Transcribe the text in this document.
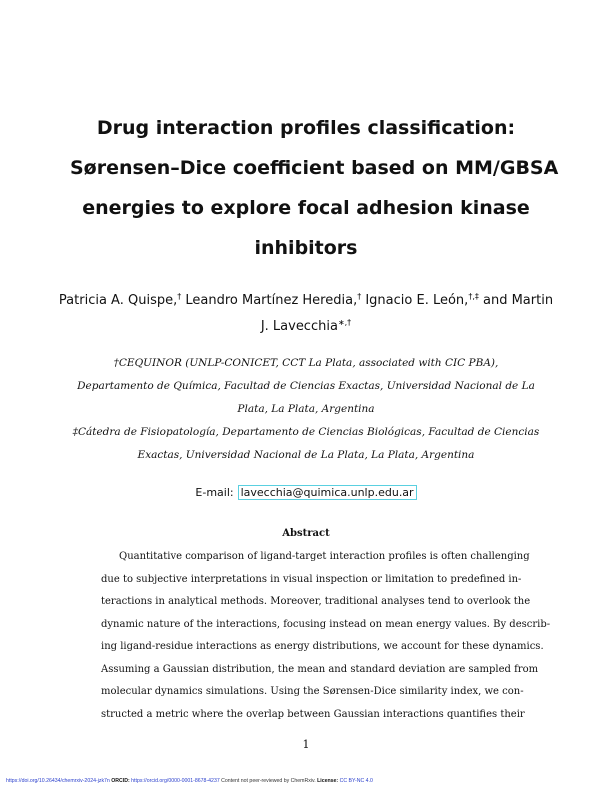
Drug interaction profiles classification:
Sørensen–Dice coefficient based on MM/GBSA
energies to explore focal adhesion kinase
inhibitors
Patricia A. Quispe,† Leandro Martínez Heredia,† Ignacio E. León,†,‡ and Martin
J. Lavecchia∗,†
†CEQUINOR (UNLP-CONICET, CCT La Plata, associated with CIC PBA),
Departamento de Química, Facultad de Ciencias Exactas, Universidad Nacional de La
Plata, La Plata, Argentina
‡Cátedra de Fisiopatología, Departamento de Ciencias Biológicas, Facultad de Ciencias
Exactas, Universidad Nacional de La Plata, La Plata, Argentina
E-mail: lavecchia@quimica.unlp.edu.ar
Abstract
Quantitative comparison of ligand-target interaction profiles is often challenging
due to subjective interpretations in visual inspection or limitation to predefined in-
teractions in analytical methods. Moreover, traditional analyses tend to overlook the
dynamic nature of the interactions, focusing instead on mean energy values. By describ-
ing ligand-residue interactions as energy distributions, we account for these dynamics.
Assuming a Gaussian distribution, the mean and standard deviation are sampled from
molecular dynamics simulations. Using the Sørensen-Dice similarity index, we con-
structed a metric where the overlap between Gaussian interactions quantifies their
1
https://doi.org/10.26434/chemrxiv-2024-jzk7n ORCID: https://orcid.org/0000-0001-8678-4237 Content not peer-reviewed by ChemRxiv. License: CC BY-NC 4.0
